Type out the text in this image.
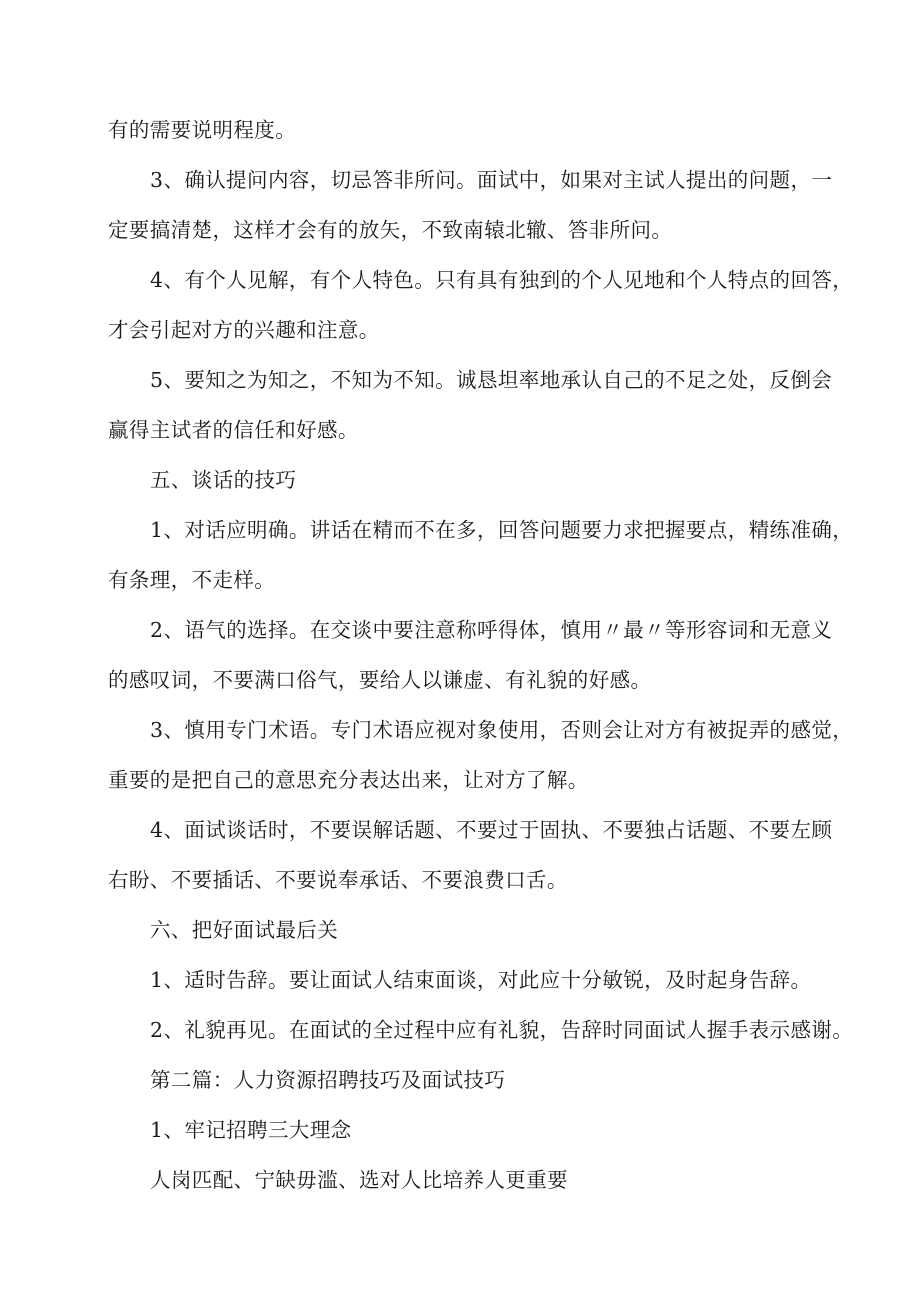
有的需要说明程度。
3、确认提问内容，切忌答非所问。面试中，如果对主试人提出的问题，一
定要搞清楚，这样才会有的放矢，不致南辕北辙、答非所问。
4、有个人见解，有个人特色。只有具有独到的个人见地和个人特点的回答，
才会引起对方的兴趣和注意。
5、要知之为知之，不知为不知。诚恳坦率地承认自己的不足之处，反倒会
赢得主试者的信任和好感。
五、谈话的技巧
1、对话应明确。讲话在精而不在多，回答问题要力求把握要点，精练准确，
有条理，不走样。
2、语气的选择。在交谈中要注意称呼得体，慎用〃最〃等形容词和无意义
的感叹词，不要满口俗气，要给人以谦虚、有礼貌的好感。
3、慎用专门术语。专门术语应视对象使用，否则会让对方有被捉弄的感觉，
重要的是把自己的意思充分表达出来，让对方了解。
4、面试谈话时，不要误解话题、不要过于固执、不要独占话题、不要左顾
右盼、不要插话、不要说奉承话、不要浪费口舌。
六、把好面试最后关
1、适时告辞。要让面试人结束面谈，对此应十分敏锐，及时起身告辞。
2、礼貌再见。在面试的全过程中应有礼貌，告辞时同面试人握手表示感谢。
第二篇：人力资源招聘技巧及面试技巧
1、牢记招聘三大理念
人岗匹配、宁缺毋滥、选对人比培养人更重要
